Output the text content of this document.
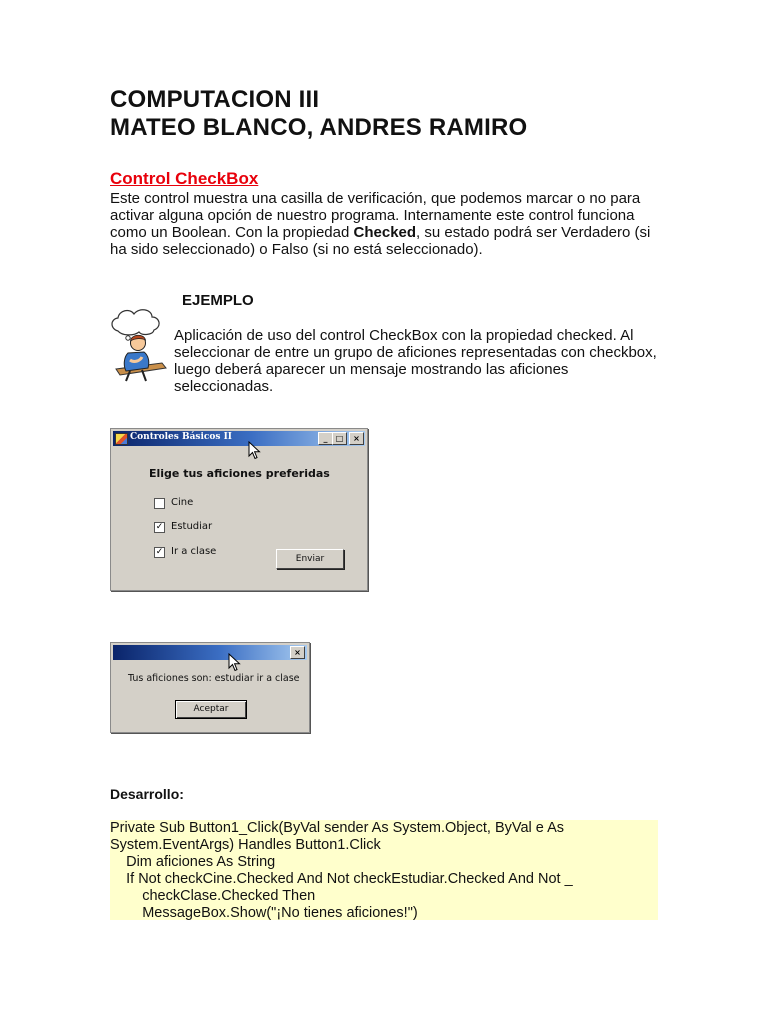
COMPUTACION III
MATEO BLANCO, ANDRES RAMIRO
Control CheckBox
Este control muestra una casilla de verificación, que podemos marcar o no para activar alguna opción de nuestro programa. Internamente este control funciona como un Boolean. Con la propiedad Checked, su estado podrá ser Verdadero (si ha sido seleccionado) o Falso (si no está seleccionado).
EJEMPLO
Aplicación de uso del control CheckBox con la propiedad checked. Al seleccionar de entre un grupo de aficiones representadas con checkbox, luego deberá aparecer un mensaje mostrando las aficiones seleccionadas.
Controles Básicos II	_	□	×
Elige tus aficiones preferidas
Cine
✓ Estudiar
✓ Ir a clase
Enviar
×
Tus aficiones son: estudiar ir a clase
Aceptar
Desarrollo:
Private Sub Button1_Click(ByVal sender As System.Object, ByVal e As
System.EventArgs) Handles Button1.Click
Dim aficiones As String
If Not checkCine.Checked And Not checkEstudiar.Checked And Not _
checkClase.Checked Then
MessageBox.Show("¡No tienes aficiones!")
